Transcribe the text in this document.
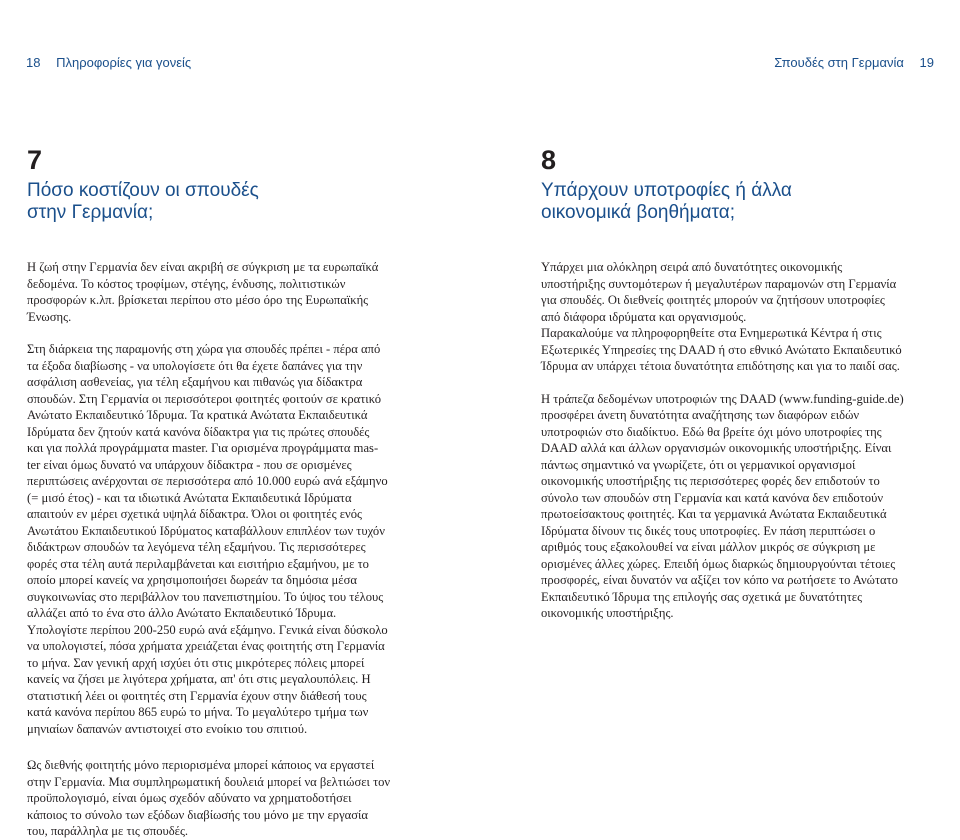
18 Πληροφορίες για γονείς	Σπουδές στη Γερμανία 19
7
Πόσο κοστίζουν οι σπουδές
στην Γερμανία;
8
Υπάρχουν υποτροφίες ή άλλα
οικονομικά βοηθήματα;
Η ζωή στην Γερμανία δεν είναι ακριβή σε σύγκριση με τα ευρωπαϊκά
δεδομένα. Το κόστος τροφίμων, στέγης, ένδυσης, πολιτιστικών
προσφορών κ.λπ. βρίσκεται περίπου στο μέσο όρο της Ευρωπαϊκής
Ένωσης.
Στη διάρκεια της παραμονής στη χώρα για σπουδές πρέπει - πέρα από
τα έξοδα διαβίωσης - να υπολογίσετε ότι θα έχετε δαπάνες για την
ασφάλιση ασθενείας, για τέλη εξαμήνου και πιθανώς για δίδακτρα
σπουδών. Στη Γερμανία οι περισσότεροι φοιτητές φοιτούν σε κρατικό
Ανώτατο Εκπαιδευτικό Ίδρυμα. Τα κρατικά Ανώτατα Εκπαιδευτικά
Ιδρύματα δεν ζητούν κατά κανόνα δίδακτρα για τις πρώτες σπουδές
και για πολλά προγράμματα master. Για ορισμένα προγράμματα mas-
ter είναι όμως δυνατό να υπάρχουν δίδακτρα - που σε ορισμένες
περιπτώσεις ανέρχονται σε περισσότερα από 10.000 ευρώ ανά εξάμηνο
(= μισό έτος) - και τα ιδιωτικά Ανώτατα Εκπαιδευτικά Ιδρύματα
απαιτούν εν μέρει σχετικά υψηλά δίδακτρα. Όλοι οι φοιτητές ενός
Ανωτάτου Εκπαιδευτικού Ιδρύματος καταβάλλουν επιπλέον των τυχόν
διδάκτρων σπουδών τα λεγόμενα τέλη εξαμήνου. Τις περισσότερες
φορές στα τέλη αυτά περιλαμβάνεται και εισιτήριο εξαμήνου, με το
οποίο μπορεί κανείς να χρησιμοποιήσει δωρεάν τα δημόσια μέσα
συγκοινωνίας στο περιβάλλον του πανεπιστημίου. Το ύψος του τέλους
αλλάζει από το ένα στο άλλο Ανώτατο Εκπαιδευτικό Ίδρυμα.
Υπολογίστε περίπου 200-250 ευρώ ανά εξάμηνο. Γενικά είναι δύσκολο
να υπολογιστεί, πόσα χρήματα χρειάζεται ένας φοιτητής στη Γερμανία
το μήνα. Σαν γενική αρχή ισχύει ότι στις μικρότερες πόλεις μπορεί
κανείς να ζήσει με λιγότερα χρήματα, απ' ότι στις μεγαλουπόλεις. Η
στατιστική λέει οι φοιτητές στη Γερμανία έχουν στην διάθεσή τους
κατά κανόνα περίπου 865 ευρώ το μήνα. Το μεγαλύτερο τμήμα των
μηνιαίων δαπανών αντιστοιχεί στο ενοίκιο του σπιτιού.
Ως διεθνής φοιτητής μόνο περιορισμένα μπορεί κάποιος να εργαστεί
στην Γερμανία. Μια συμπληρωματική δουλειά μπορεί να βελτιώσει τον
προϋπολογισμό, είναι όμως σχεδόν αδύνατο να χρηματοδοτήσει
κάποιος το σύνολο των εξόδων διαβίωσής του μόνο με την εργασία
του, παράλληλα με τις σπουδές.
Υπάρχει μια ολόκληρη σειρά από δυνατότητες οικονομικής
υποστήριξης συντομότερων ή μεγαλυτέρων παραμονών στη Γερμανία
για σπουδές. Οι διεθνείς φοιτητές μπορούν να ζητήσουν υποτροφίες
από διάφορα ιδρύματα και οργανισμούς.
Παρακαλούμε να πληροφορηθείτε στα Ενημερωτικά Κέντρα ή στις
Εξωτερικές Υπηρεσίες της DAAD ή στο εθνικό Ανώτατο Εκπαιδευτικό
Ίδρυμα αν υπάρχει τέτοια δυνατότητα επιδότησης και για το παιδί σας.
Η τράπεζα δεδομένων υποτροφιών της DAAD (www.funding-guide.de)
προσφέρει άνετη δυνατότητα αναζήτησης των διαφόρων ειδών
υποτροφιών στο διαδίκτυο. Εδώ θα βρείτε όχι μόνο υποτροφίες της
DAAD αλλά και άλλων οργανισμών οικονομικής υποστήριξης. Είναι
πάντως σημαντικό να γνωρίζετε, ότι οι γερμανικοί οργανισμοί
οικονομικής υποστήριξης τις περισσότερες φορές δεν επιδοτούν το
σύνολο των σπουδών στη Γερμανία και κατά κανόνα δεν επιδοτούν
πρωτοείσακτους φοιτητές. Και τα γερμανικά Ανώτατα Εκπαιδευτικά
Ιδρύματα δίνουν τις δικές τους υποτροφίες. Εν πάση περιπτώσει ο
αριθμός τους εξακολουθεί να είναι μάλλον μικρός σε σύγκριση με
ορισμένες άλλες χώρες. Επειδή όμως διαρκώς δημιουργούνται τέτοιες
προσφορές, είναι δυνατόν να αξίζει τον κόπο να ρωτήσετε το Ανώτατο
Εκπαιδευτικό Ίδρυμα της επιλογής σας σχετικά με δυνατότητες
οικονομικής υποστήριξης.
